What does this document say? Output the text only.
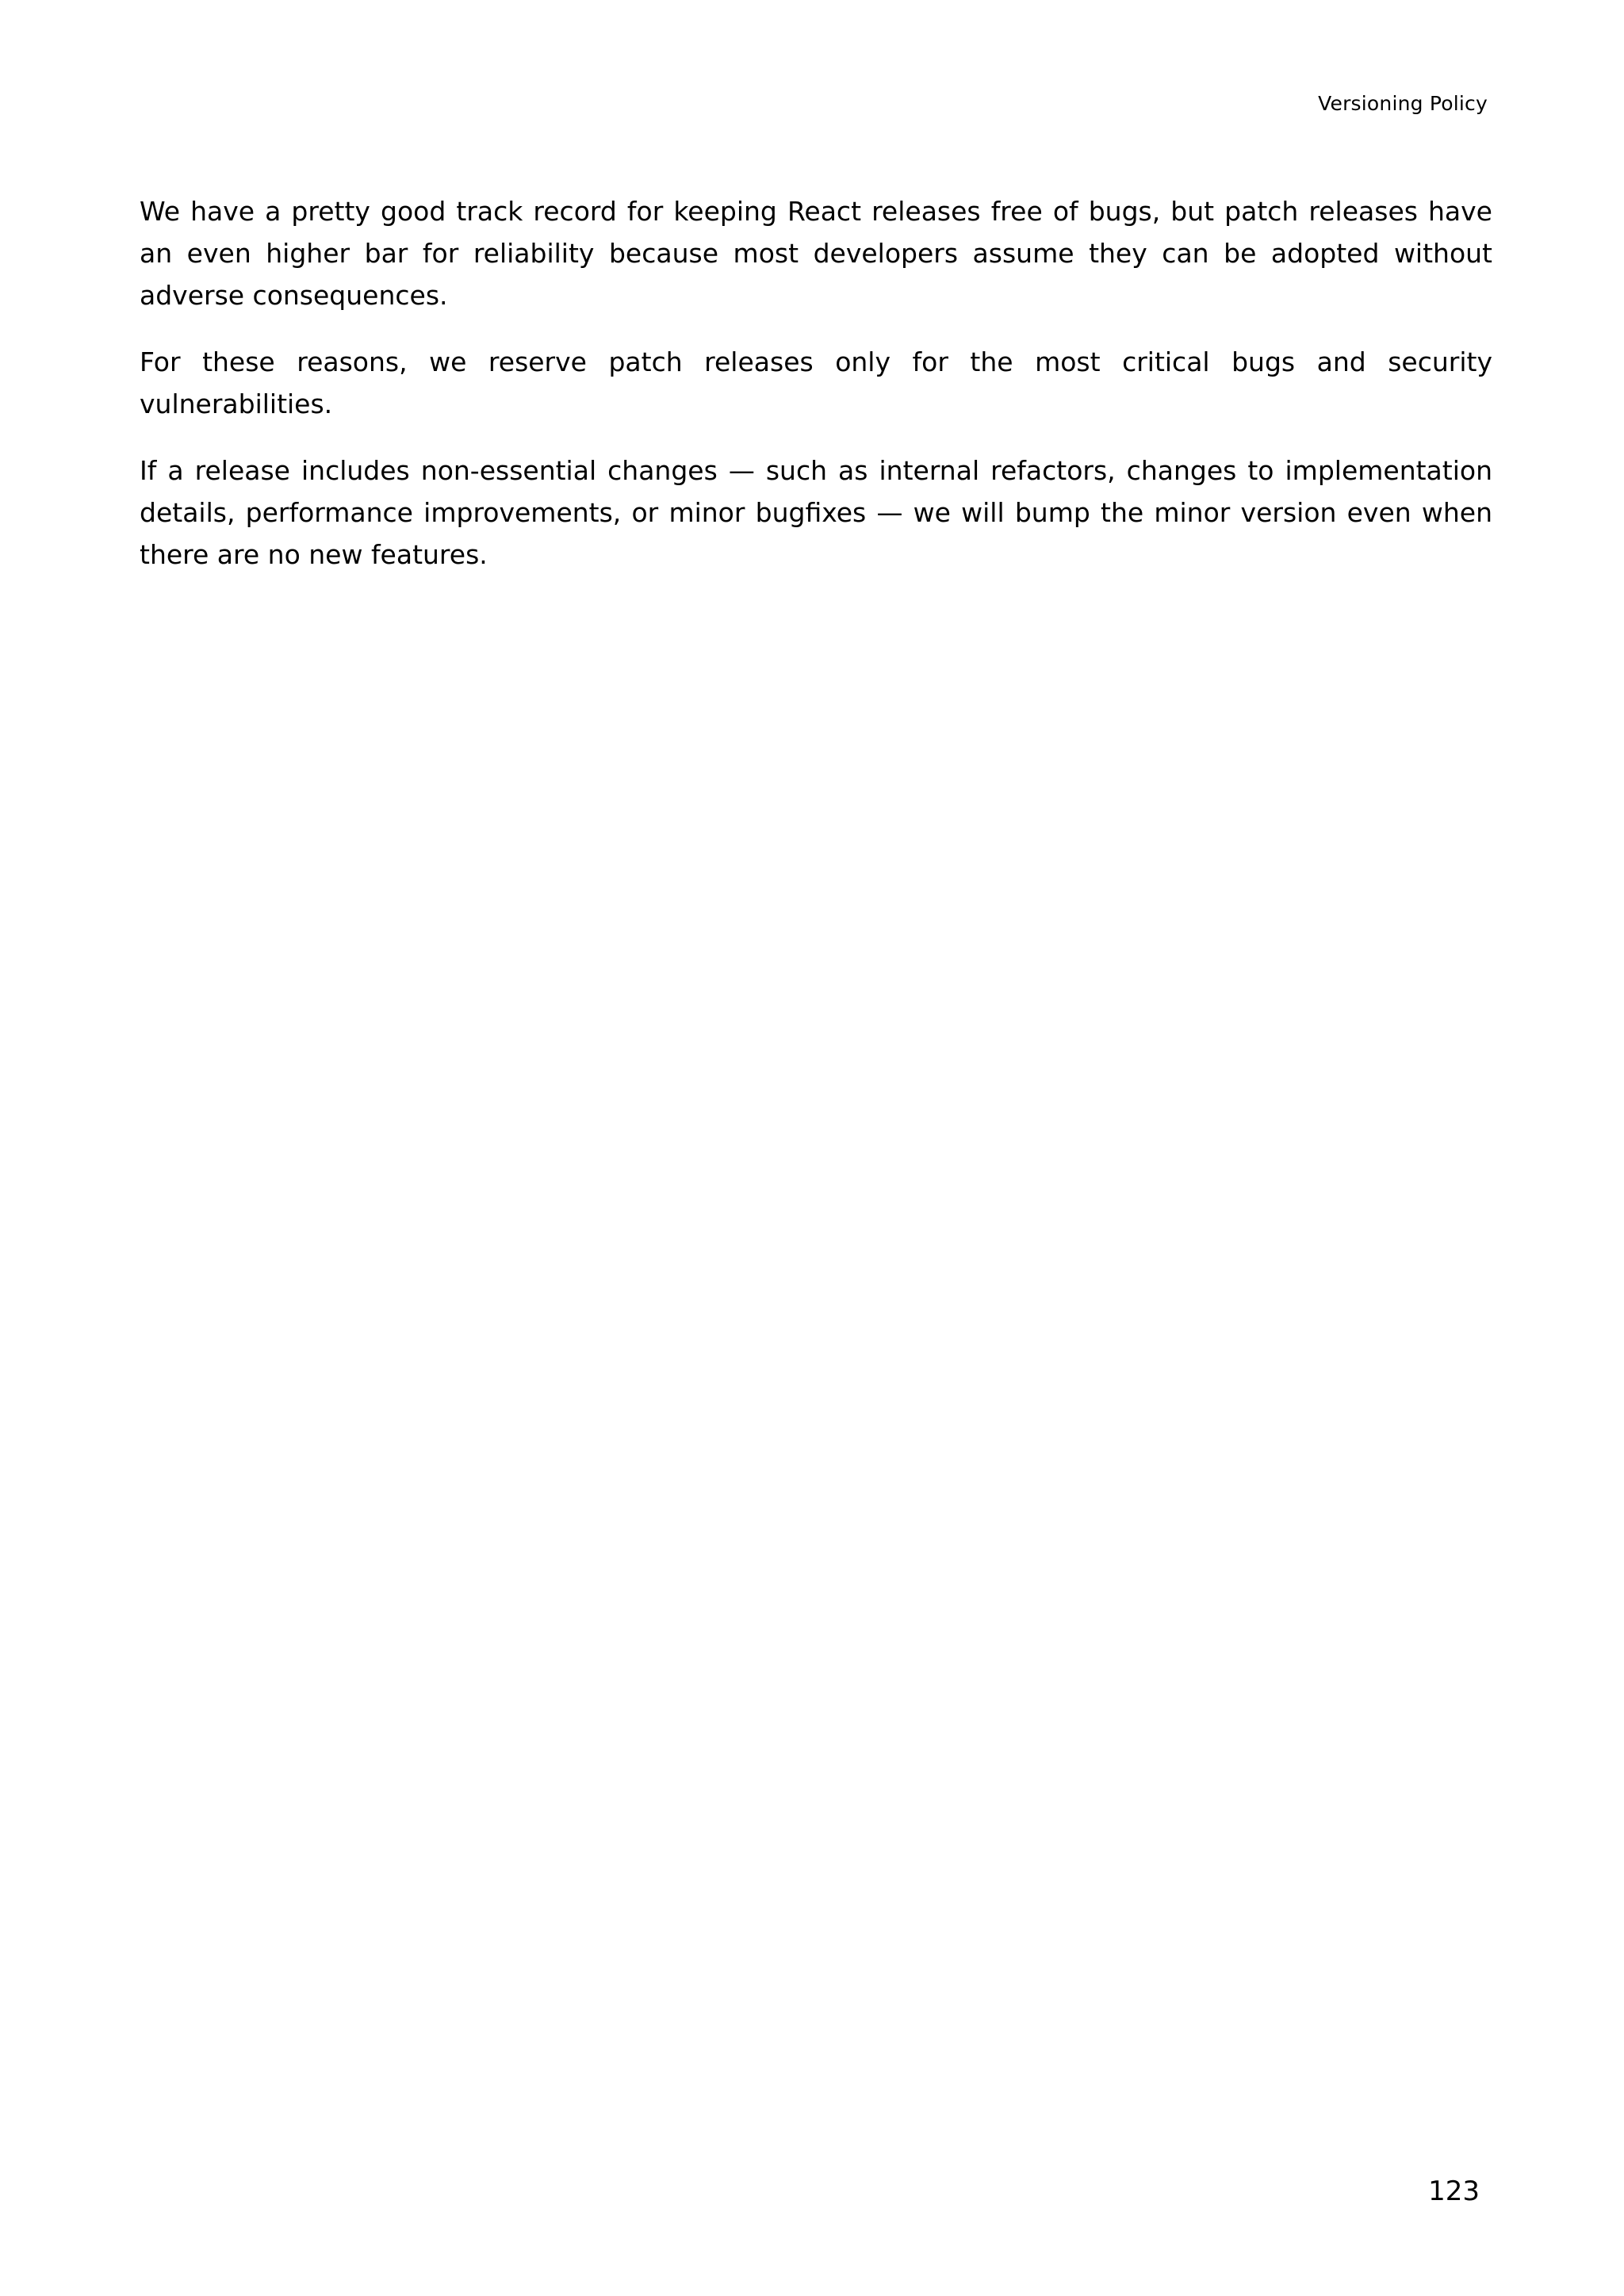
Versioning Policy

We have a pretty good track record for keeping React releases free of bugs, but patch releases have an even higher bar for reliability because most developers assume they can be adopted without adverse consequences.

For these reasons, we reserve patch releases only for the most critical bugs and security vulnerabilities.

If a release includes non-essential changes — such as internal refactors, changes to implementation details, performance improvements, or minor bugfixes — we will bump the minor version even when there are no new features.

123
